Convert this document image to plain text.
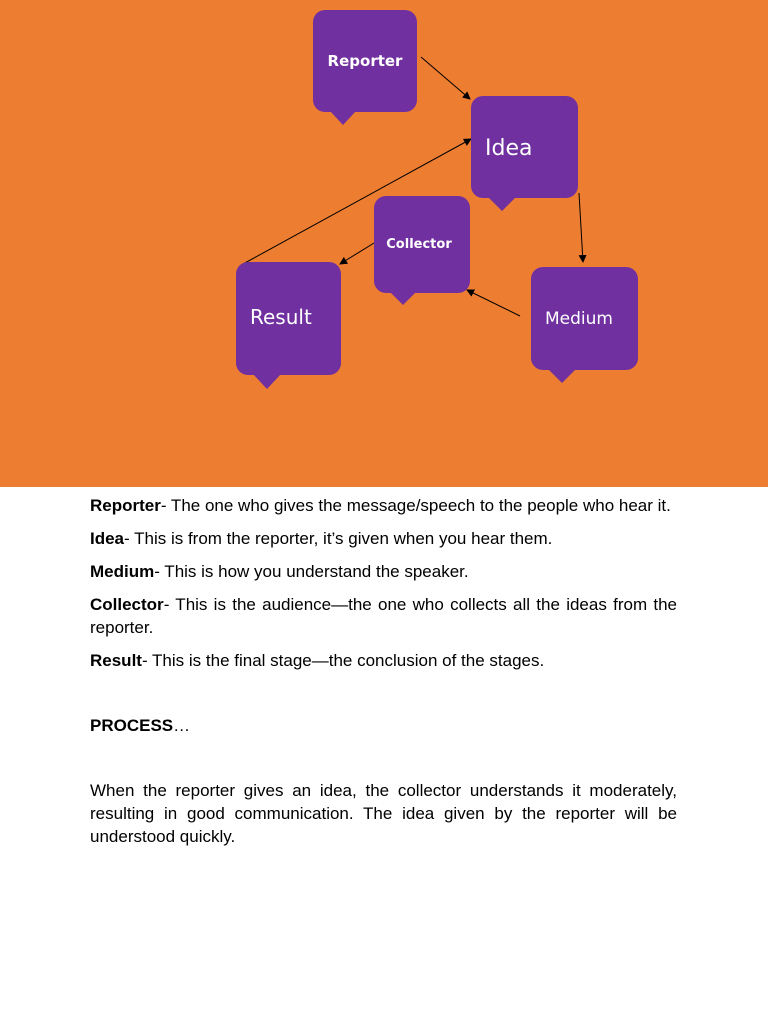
Reporter
Idea
Collector
Result	Medium

Reporter- The one who gives the message/speech to the people who hear it.

Idea- This is from the reporter, it’s given when you hear them.

Medium- This is how you understand the speaker.

Collector- This is the audience—the one who collects all the ideas from the reporter.

Result- This is the final stage—the conclusion of the stages.

PROCESS…

When the reporter gives an idea, the collector understands it moderately, resulting in good communication. The idea given by the reporter will be understood quickly.
